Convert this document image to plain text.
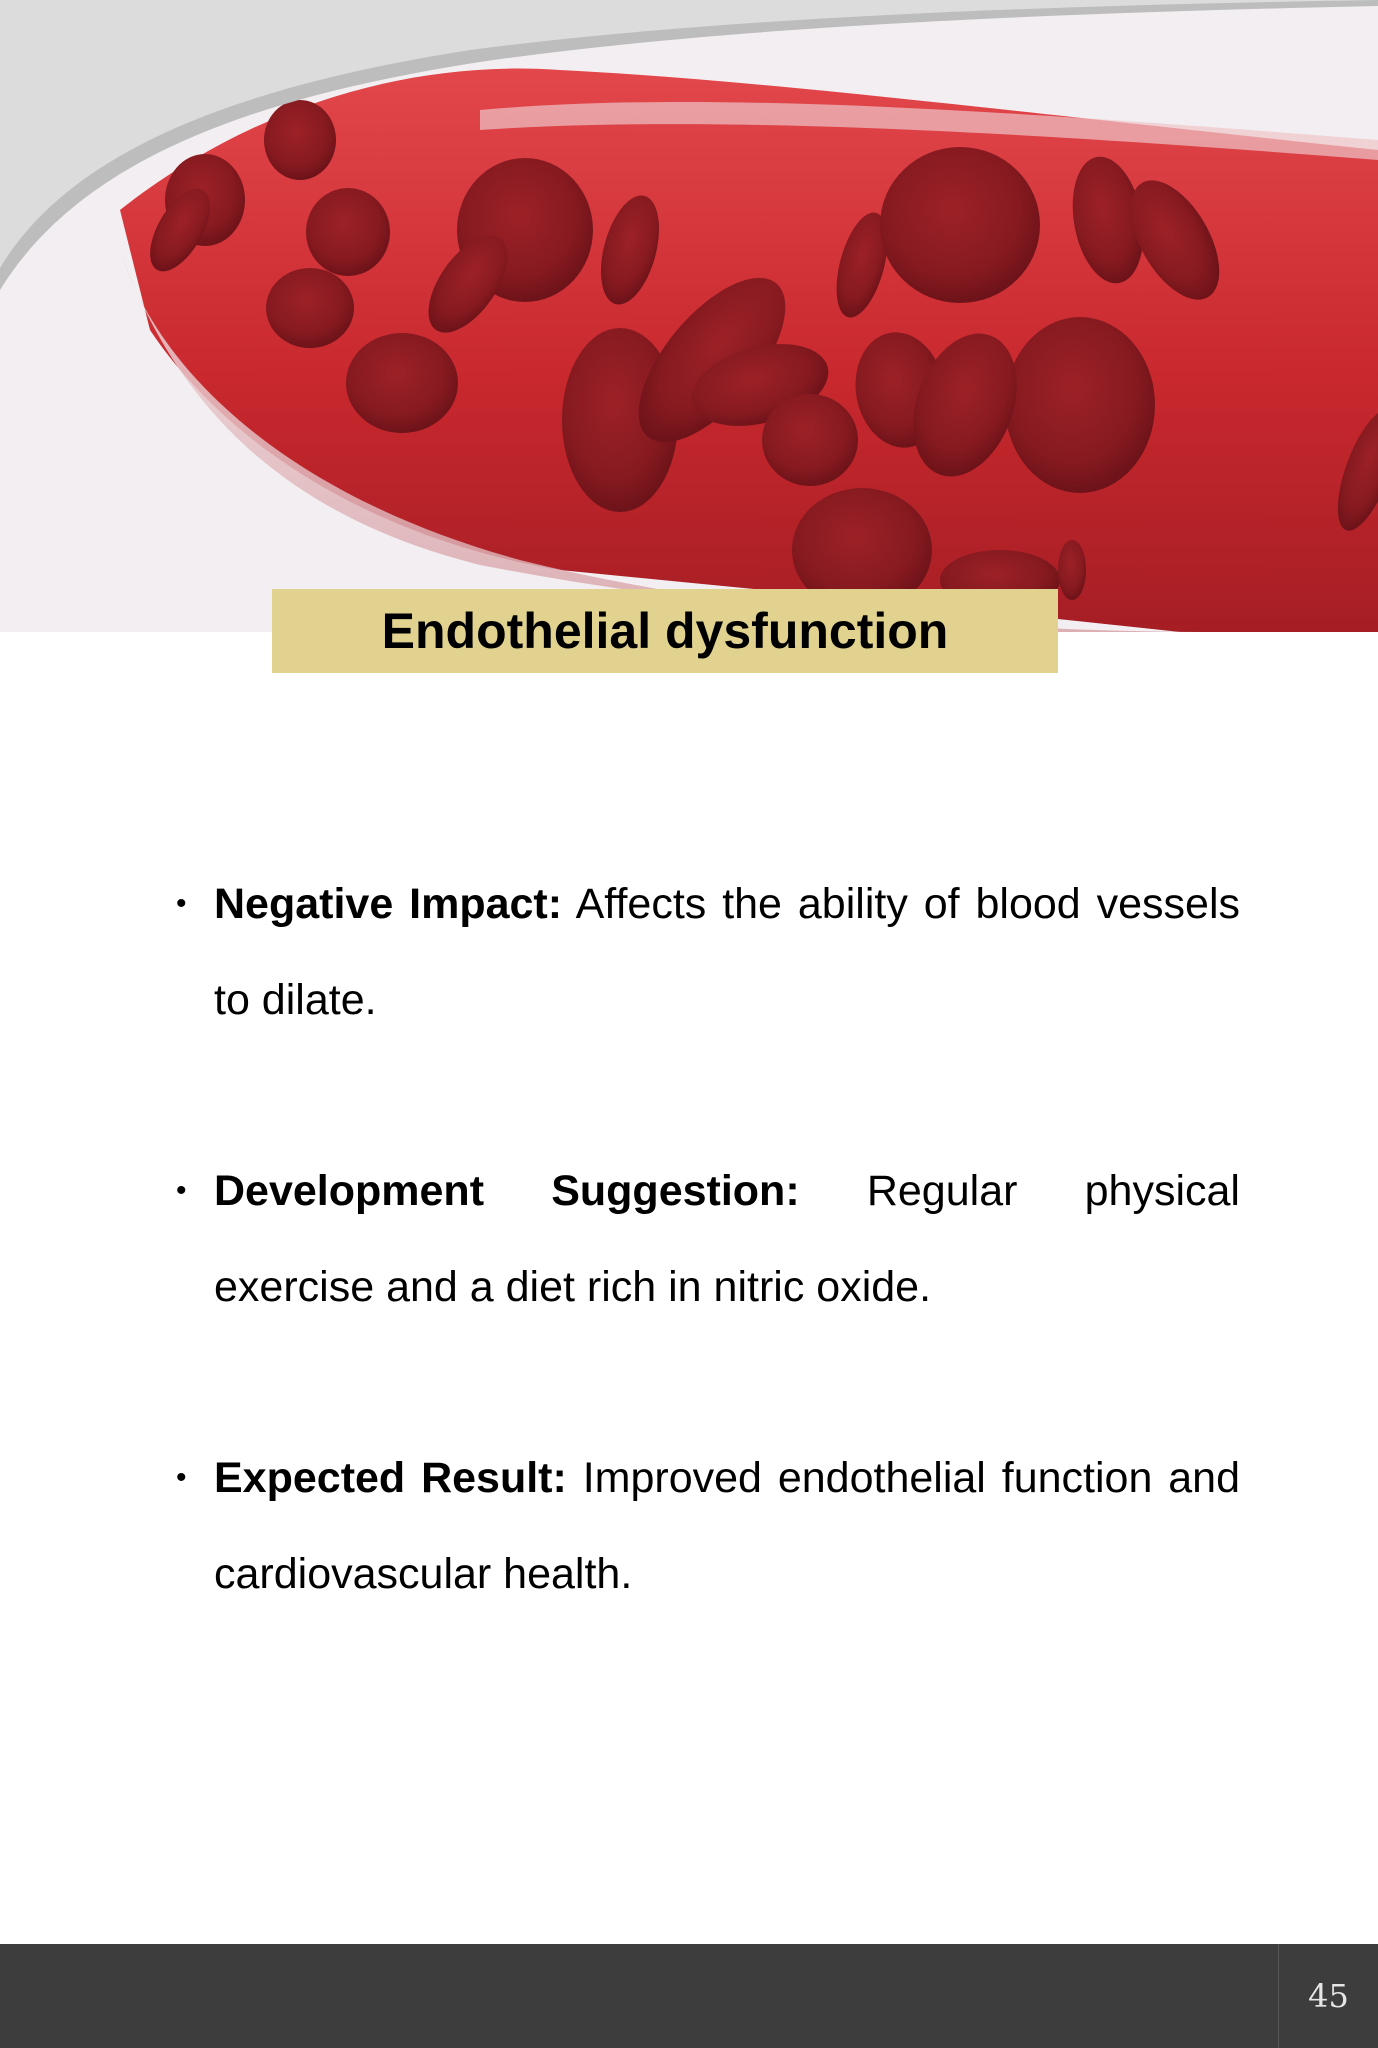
Endothelial dysfunction
• Negative Impact: Affects the ability of blood vessels to dilate.
• Development Suggestion: Regular physical exercise and a diet rich in nitric oxide.
• Expected Result: Improved endothelial function and cardiovascular health.
45
